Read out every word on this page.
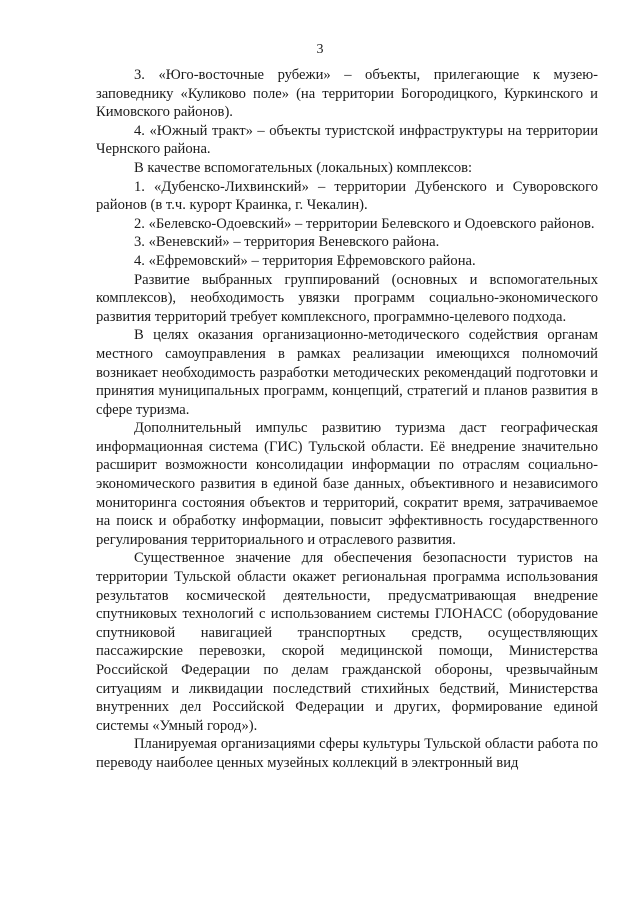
3

3. «Юго-восточные рубежи» – объекты, прилегающие к музею-заповеднику «Куликово поле» (на территории Богородицкого, Куркинского и Кимовского районов).

4. «Южный тракт» – объекты туристской инфраструктуры на территории Чернского района.

В качестве вспомогательных (локальных) комплексов:

1. «Дубенско-Лихвинский» – территории Дубенского и Суворовского районов (в т.ч. курорт Краинка, г. Чекалин).

2. «Белевско-Одоевский» – территории Белевского и Одоевского районов.

3. «Веневский» – территория Веневского района.

4. «Ефремовский» – территория Ефремовского района.

Развитие выбранных группирований (основных и вспомогательных комплексов), необходимость увязки программ социально-экономического развития территорий требует комплексного, программно-целевого подхода.

В целях оказания организационно-методического содействия органам местного самоуправления в рамках реализации имеющихся полномочий возникает необходимость разработки методических рекомендаций подготовки и принятия муниципальных программ, концепций, стратегий и планов развития в сфере туризма.

Дополнительный импульс развитию туризма даст географическая информационная система (ГИС) Тульской области. Её внедрение значительно расширит возможности консолидации информации по отраслям социально-экономического развития в единой базе данных, объективного и независимого мониторинга состояния объектов и территорий, сократит время, затрачиваемое на поиск и обработку информации, повысит эффективность государственного регулирования территориального и отраслевого развития.

Существенное значение для обеспечения безопасности туристов на территории Тульской области окажет региональная программа использования результатов космической деятельности, предусматривающая внедрение спутниковых технологий с использованием системы ГЛОНАСС (оборудование спутниковой навигацией транспортных средств, осуществляющих пассажирские перевозки, скорой медицинской помощи, Министерства Российской Федерации по делам гражданской обороны, чрезвычайным ситуациям и ликвидации последствий стихийных бедствий, Министерства внутренних дел Российской Федерации и других, формирование единой системы «Умный город»).

Планируемая организациями сферы культуры Тульской области работа по переводу наиболее ценных музейных коллекций в электронный вид
